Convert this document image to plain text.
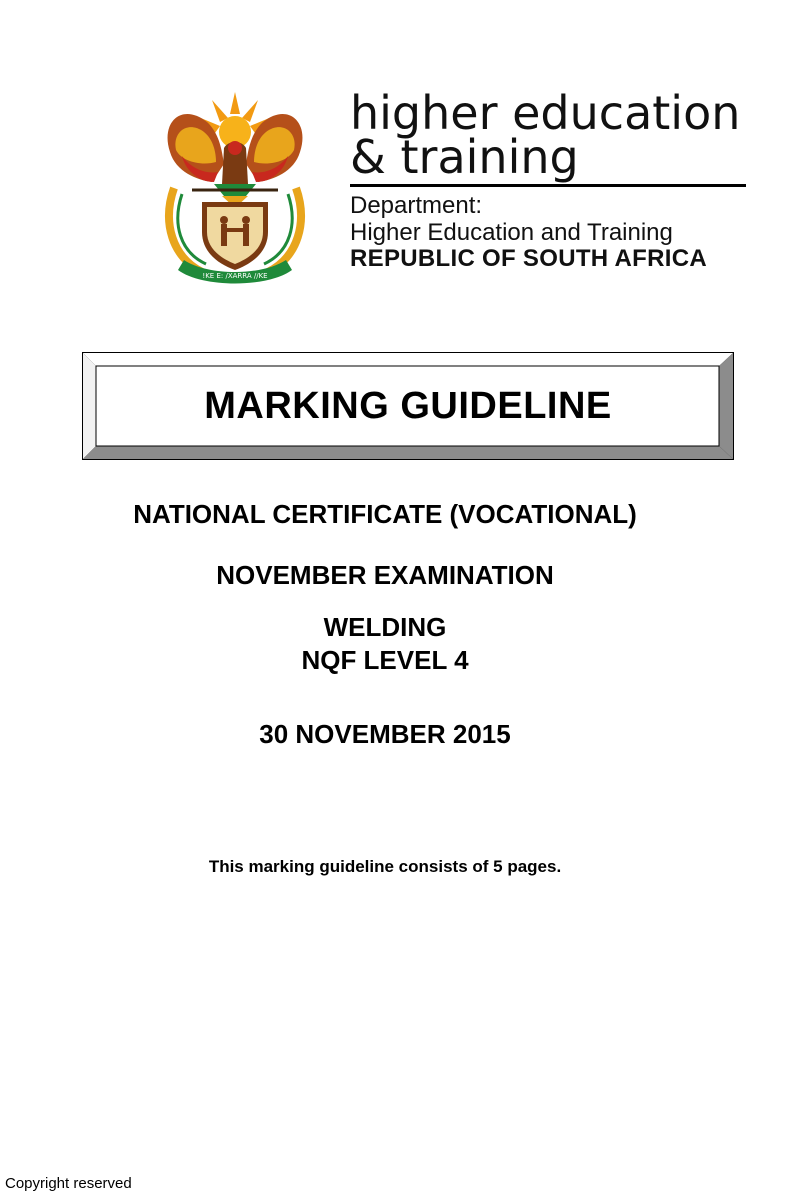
!KE E: /XARRA //KE
higher education
& training
Department:
Higher Education and Training
REPUBLIC OF SOUTH AFRICA
MARKING GUIDELINE
NATIONAL CERTIFICATE (VOCATIONAL)
NOVEMBER EXAMINATION
WELDING
NQF LEVEL 4
30 NOVEMBER 2015
This marking guideline consists of 5 pages.
Copyright reserved
